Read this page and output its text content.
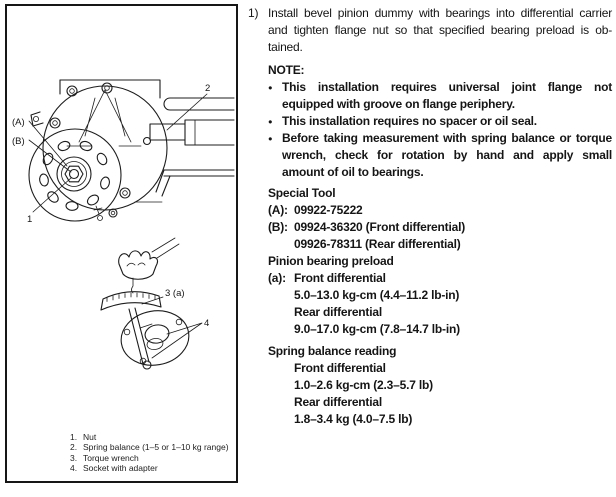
(A)
(B)
1
2
3 (a)
4
1. Nut
2. Spring balance (1–5 or 1–10 kg range)
3. Torque wrench
4. Socket with adapter
1) Install bevel pinion dummy with bearings into differential carrier
and tighten flange nut so that specified bearing preload is ob-
tained.
NOTE:
● This installation requires universal joint flange not
equipped with groove on flange periphery.
● This installation requires no spacer or oil seal.
● Before taking measurement with spring balance or torque
wrench, check for rotation by hand and apply small
amount of oil to bearings.
Special Tool
(A): 09922-75222
(B): 09924-36320 (Front differential)
09926-78311 (Rear differential)
Pinion bearing preload
(a): Front differential
5.0–13.0 kg-cm (4.4–11.2 lb-in)
Rear differential
9.0–17.0 kg-cm (7.8–14.7 lb-in)
Spring balance reading
Front differential
1.0–2.6 kg-cm (2.3–5.7 lb)
Rear differential
1.8–3.4 kg (4.0–7.5 lb)
